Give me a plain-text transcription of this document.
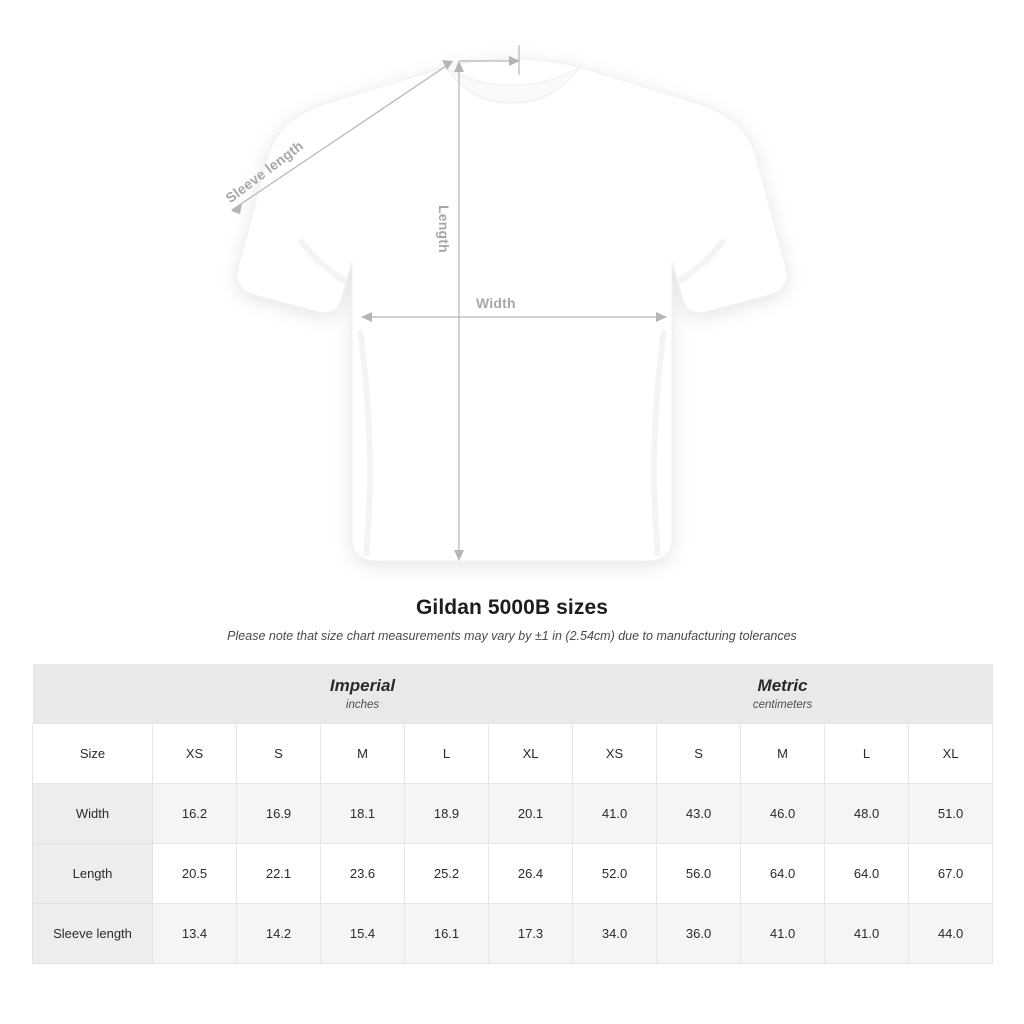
Length
Width
Sleeve length
Gildan 5000B sizes
Please note that size chart measurements may vary by ±1 in (2.54cm) due to manufacturing tolerances

	Imperial
inches					Metric
centimeters				

Size	XS	S	M	L	XL	XS	S	M	L	XL
Width	16.2	16.9	18.1	18.9	20.1	41.0	43.0	46.0	48.0	51.0
Length	20.5	22.1	23.6	25.2	26.4	52.0	56.0	64.0	64.0	67.0
Sleeve length	13.4	14.2	15.4	16.1	17.3	34.0	36.0	41.0	41.0	44.0
